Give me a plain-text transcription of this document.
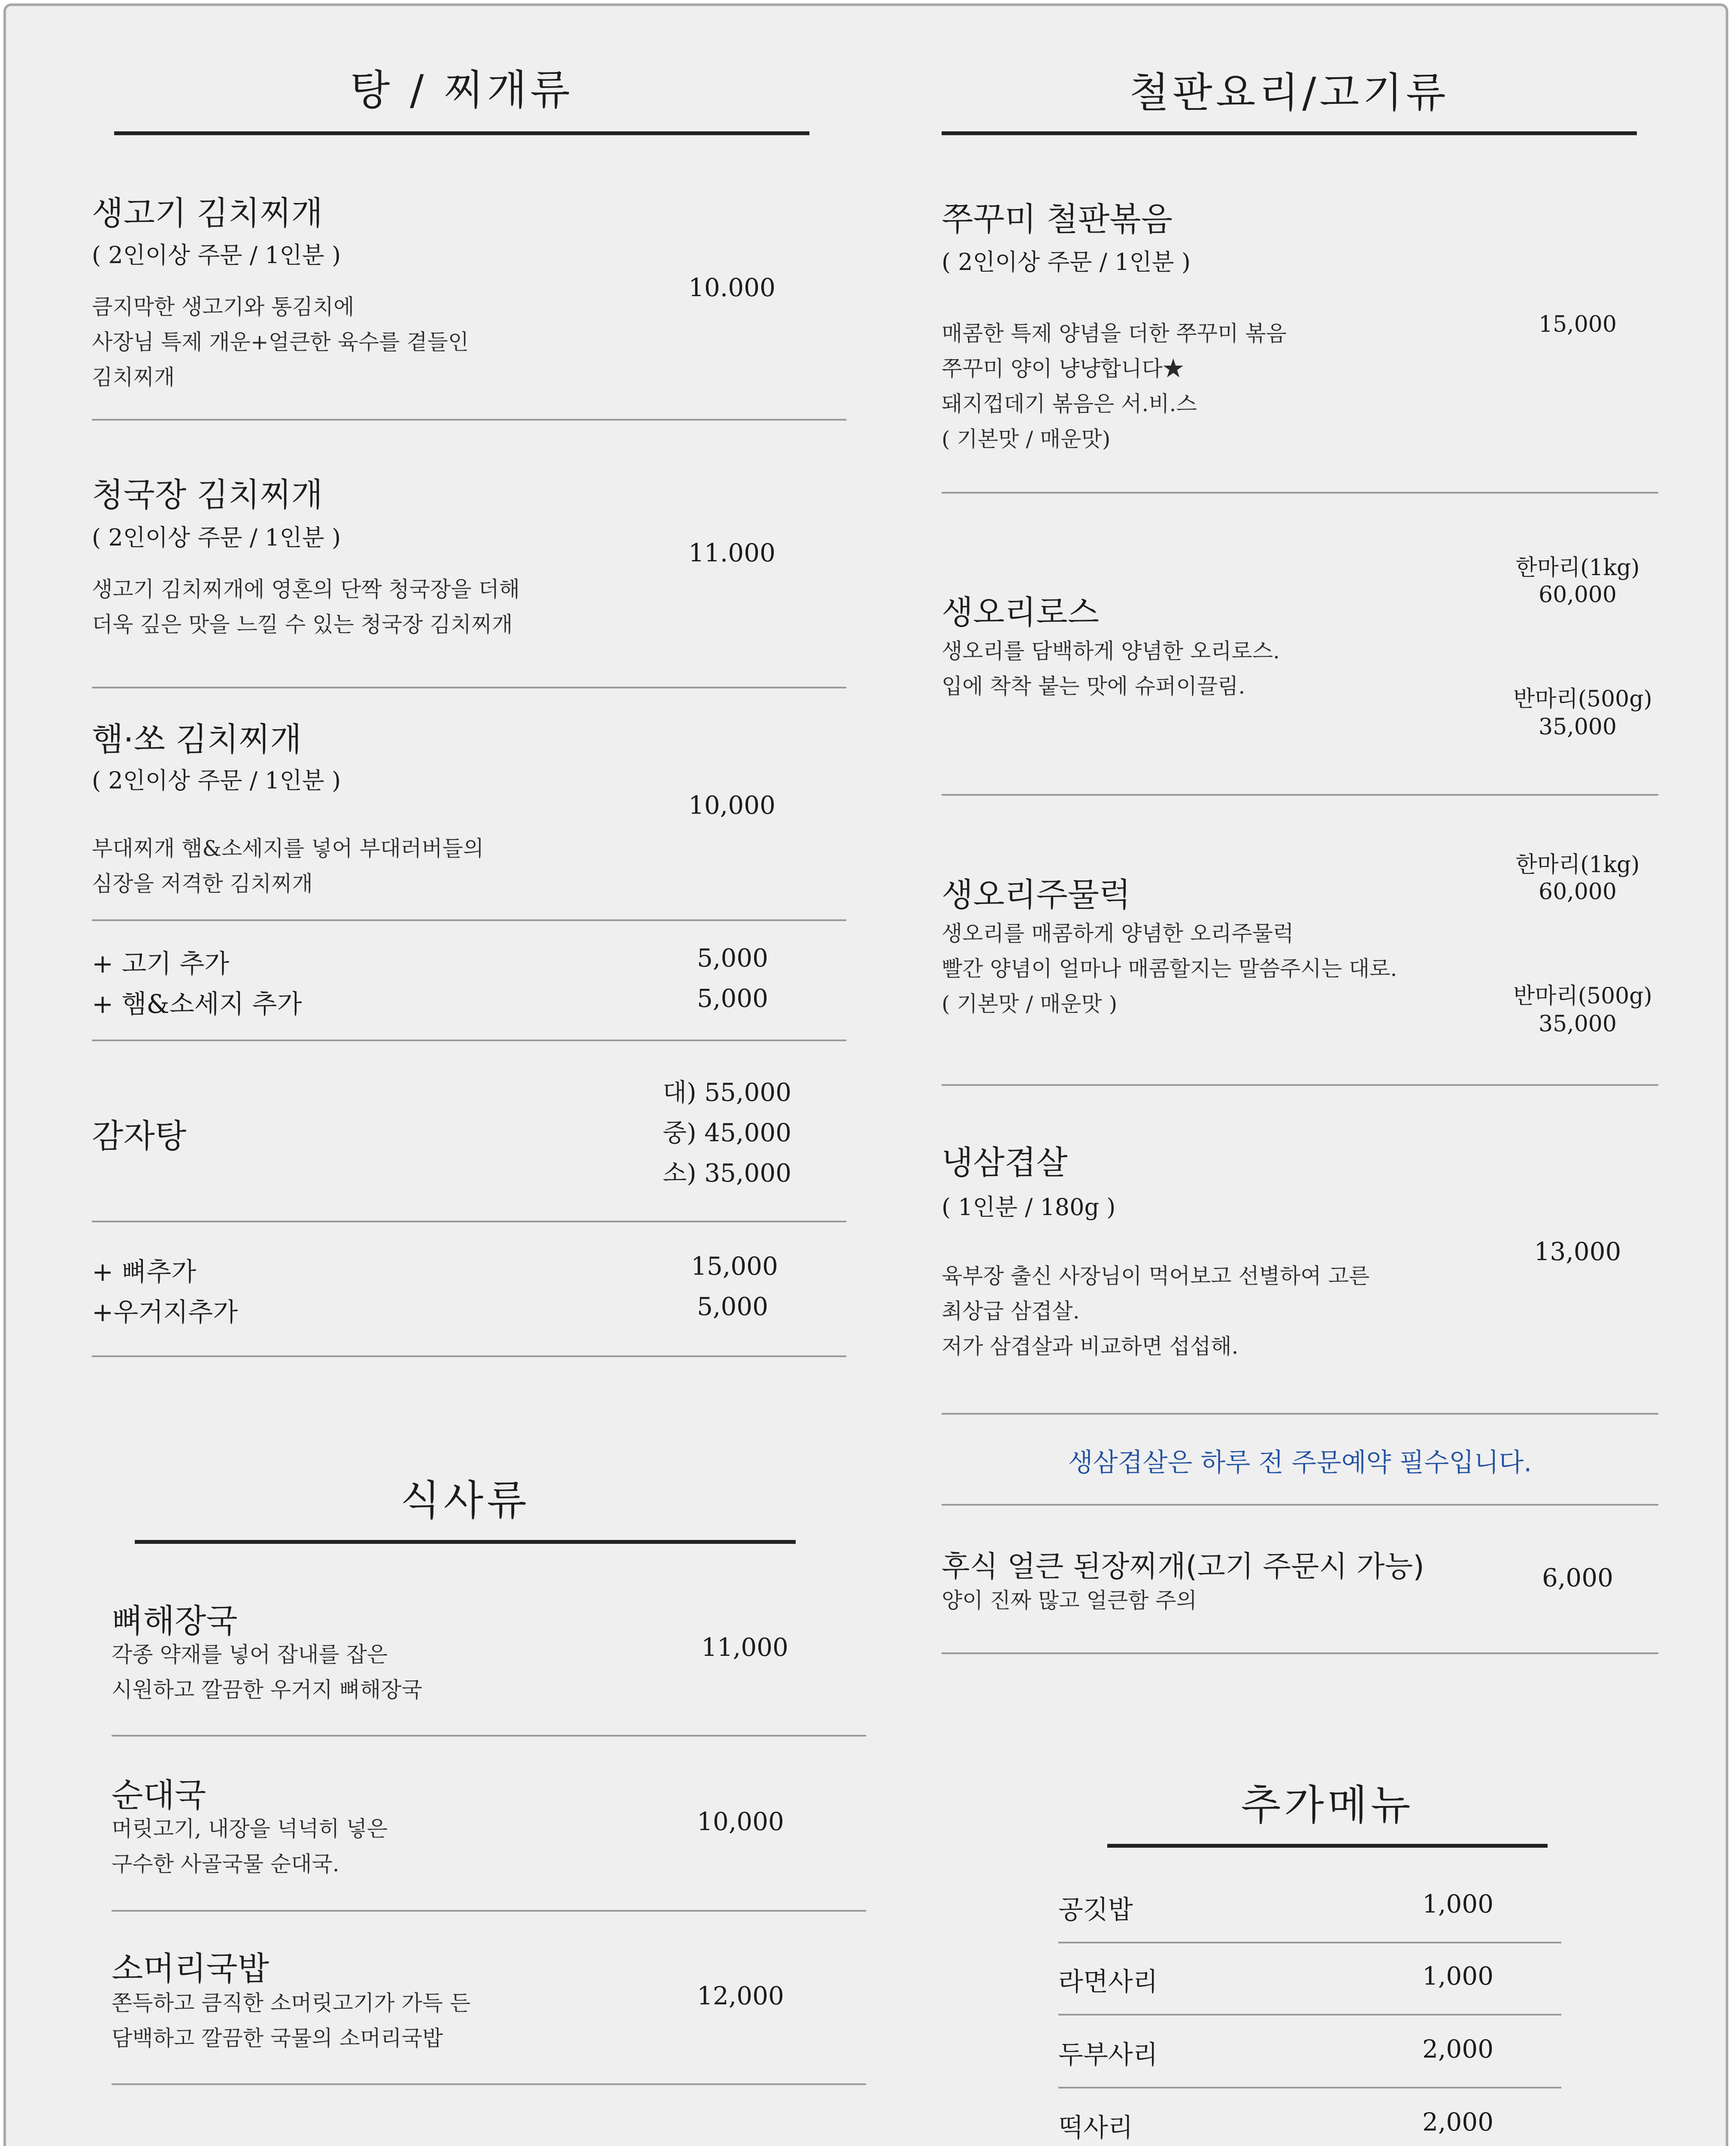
탕 / 찌개류
생고기 김치찌개
( 2인이상 주문 / 1인분 )
큼지막한 생고기와 통김치에
사장님 특제 개운+얼큰한 육수를 곁들인
김치찌개
10.000
청국장 김치찌개
( 2인이상 주문 / 1인분 )
생고기 김치찌개에 영혼의 단짝 청국장을 더해
더욱 깊은 맛을 느낄 수 있는 청국장 김치찌개
11.000
햄·쏘 김치찌개
( 2인이상 주문 / 1인분 )
부대찌개 햄&소세지를 넣어 부대러버들의
심장을 저격한 김치찌개
10,000
+ 고기 추가	5,000
+ 햄&소세지 추가	5,000
감자탕
대) 55,000
중) 45,000
소) 35,000
+ 뼈추가	15,000
+우거지추가	5,000
식사류
뼈해장국
각종 약재를 넣어 잡내를 잡은
시원하고 깔끔한 우거지 뼈해장국
11,000
순대국
머릿고기, 내장을 넉넉히 넣은
구수한 사골국물 순대국.
10,000
소머리국밥
쫀득하고 큼직한 소머릿고기가 가득 든
담백하고 깔끔한 국물의 소머리국밥
12,000
철판요리/고기류
쭈꾸미 철판볶음
( 2인이상 주문 / 1인분 )
매콤한 특제 양념을 더한 쭈꾸미 볶음
쭈꾸미 양이 냥냥합니다★
돼지껍데기 볶음은 서.비.스
( 기본맛 / 매운맛)
15,000
생오리로스
생오리를 담백하게 양념한 오리로스.
입에 착착 붙는 맛에 슈퍼이끌림.
한마리(1kg)
60,000
반마리(500g)
35,000
생오리주물럭
생오리를 매콤하게 양념한 오리주물럭
빨간 양념이 얼마나 매콤할지는 말씀주시는 대로.
( 기본맛 / 매운맛 )
한마리(1kg)
60,000
반마리(500g)
35,000
냉삼겹살
( 1인분 / 180g )
육부장 출신 사장님이 먹어보고 선별하여 고른
최상급 삼겹살.
저가 삼겹살과 비교하면 섭섭해.
13,000
생삼겹살은 하루 전 주문예약 필수입니다.
후식 얼큰 된장찌개(고기 주문시 가능)
양이 진짜 많고 얼큰함 주의
6,000
추가메뉴
공깃밥	1,000
라면사리	1,000
두부사리	2,000
떡사리	2,000
